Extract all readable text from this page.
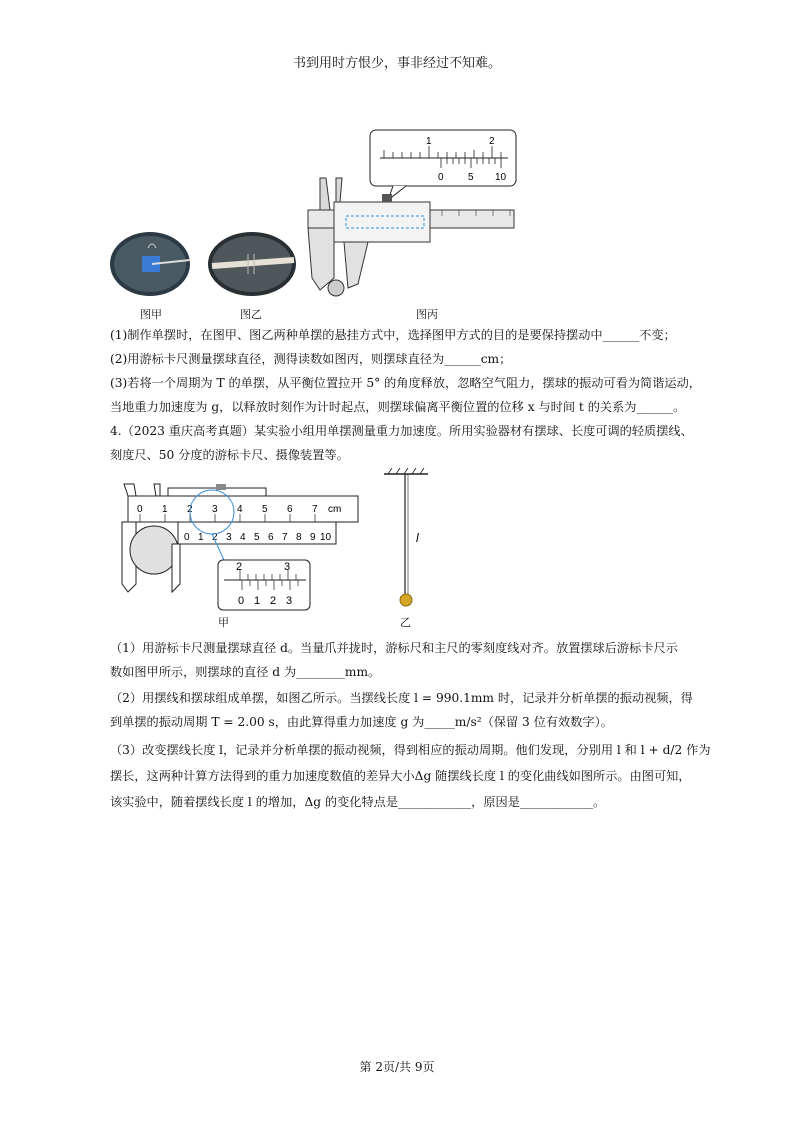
书到用时方恨少，事非经过不知难。
1	2
0 5 10
图甲	图乙	图丙
(1)制作单摆时，在图甲、图乙两种单摆的悬挂方式中，选择图甲方式的目的是要保持摆动中______不变；
(2)用游标卡尺测量摆球直径，测得读数如图丙，则摆球直径为______cm；
(3)若将一个周期为 T 的单摆，从平衡位置拉开 5° 的角度释放，忽略空气阻力，摆球的振动可看为简谐运动，
当地重力加速度为 g，以释放时刻作为计时起点，则摆球偏离平衡位置的位移 x 与时间 t 的关系为______。
4.（2023 重庆高考真题）某实验小组用单摆测量重力加速度。所用实验器材有摆球、长度可调的轻质摆线、
刻度尺、50 分度的游标卡尺、摄像装置等。
0 1 2 3 4 5 6 7 cm
0 1 2 3 4 5 6 7 8 9 10
2	3
0 1 2 3
l
甲	乙
（1）用游标卡尺测量摆球直径 d。当量爪并拢时，游标尺和主尺的零刻度线对齐。放置摆球后游标卡尺示
数如图甲所示，则摆球的直径 d 为________mm。
（2）用摆线和摆球组成单摆，如图乙所示。当摆线长度 l = 990.1mm 时，记录并分析单摆的振动视频，得
到单摆的振动周期 T = 2.00 s，由此算得重力加速度 g 为_____m/s²（保留 3 位有效数字）。
（3）改变摆线长度 l，记录并分析单摆的振动视频，得到相应的振动周期。他们发现，分别用 l 和 l + d/2 作为
摆长，这两种计算方法得到的重力加速度数值的差异大小Δg 随摆线长度 l 的变化曲线如图所示。由图可知，
该实验中，随着摆线长度 l 的增加，Δg 的变化特点是____________，原因是____________。
第 2页/共 9页
